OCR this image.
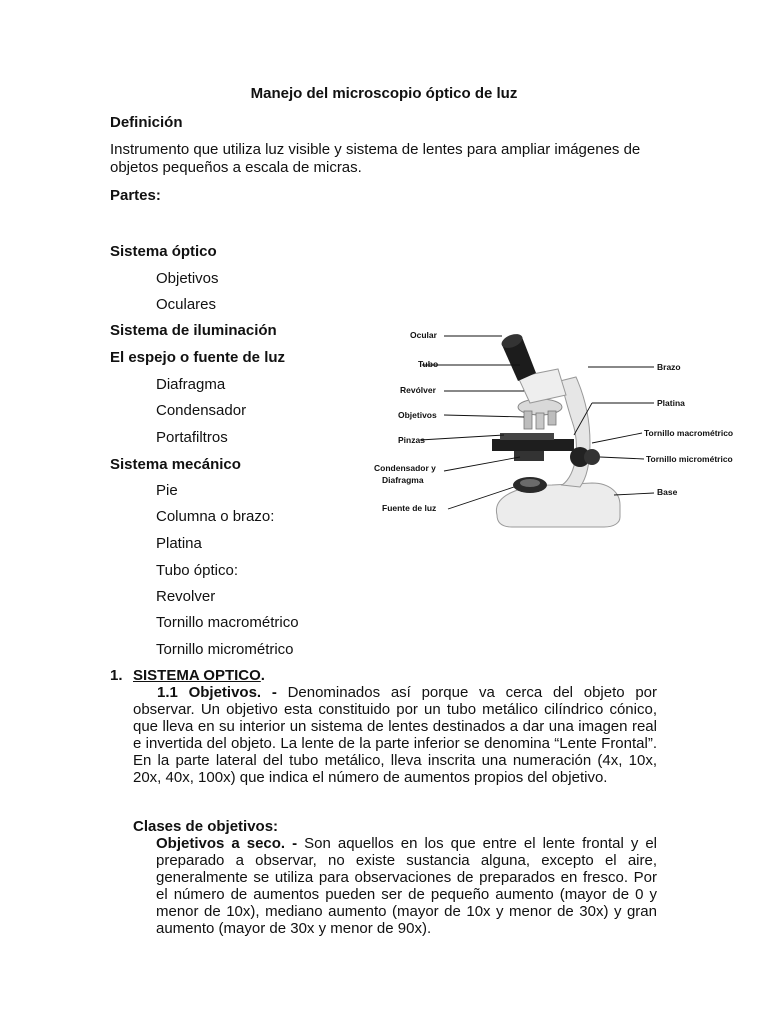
Manejo del microscopio óptico de luz
Definición
Instrumento que utiliza luz visible y sistema de lentes para ampliar imágenes de
objetos pequeños a escala de micras.
Partes:
Sistema óptico
Objetivos
Oculares
Sistema de iluminación
El espejo o fuente de luz
Diafragma
Condensador
Portafiltros
Sistema mecánico
Pie
Columna o brazo:
Platina
Tubo óptico:
Revolver
Tornillo macrométrico
Tornillo micrométrico
Ocular
Tubo
Revólver
Objetivos
Pinzas
Condensador y
Diafragma
Fuente de luz
Brazo
Platina
Tornillo macrométrico
Tornillo micrométrico
Base
1. SISTEMA OPTICO.
1.1 Objetivos. - Denominados así porque va cerca del objeto por observar. Un objetivo esta constituido por un tubo metálico cilíndrico cónico, que lleva en su interior un sistema de lentes destinados a dar una imagen real e invertida del objeto. La lente de la parte inferior se denomina “Lente Frontal”. En la parte lateral del tubo metálico, lleva inscrita una numeración (4x, 10x, 20x, 40x, 100x) que indica el número de aumentos propios del objetivo.
Clases de objetivos:
Objetivos a seco. - Son aquellos en los que entre el lente frontal y el preparado a observar, no existe sustancia alguna, excepto el aire, generalmente se utiliza para observaciones de preparados en fresco. Por el número de aumentos pueden ser de pequeño aumento (mayor de 0 y menor de 10x), mediano aumento (mayor de 10x y menor de 30x) y gran aumento (mayor de 30x y menor de 90x).
